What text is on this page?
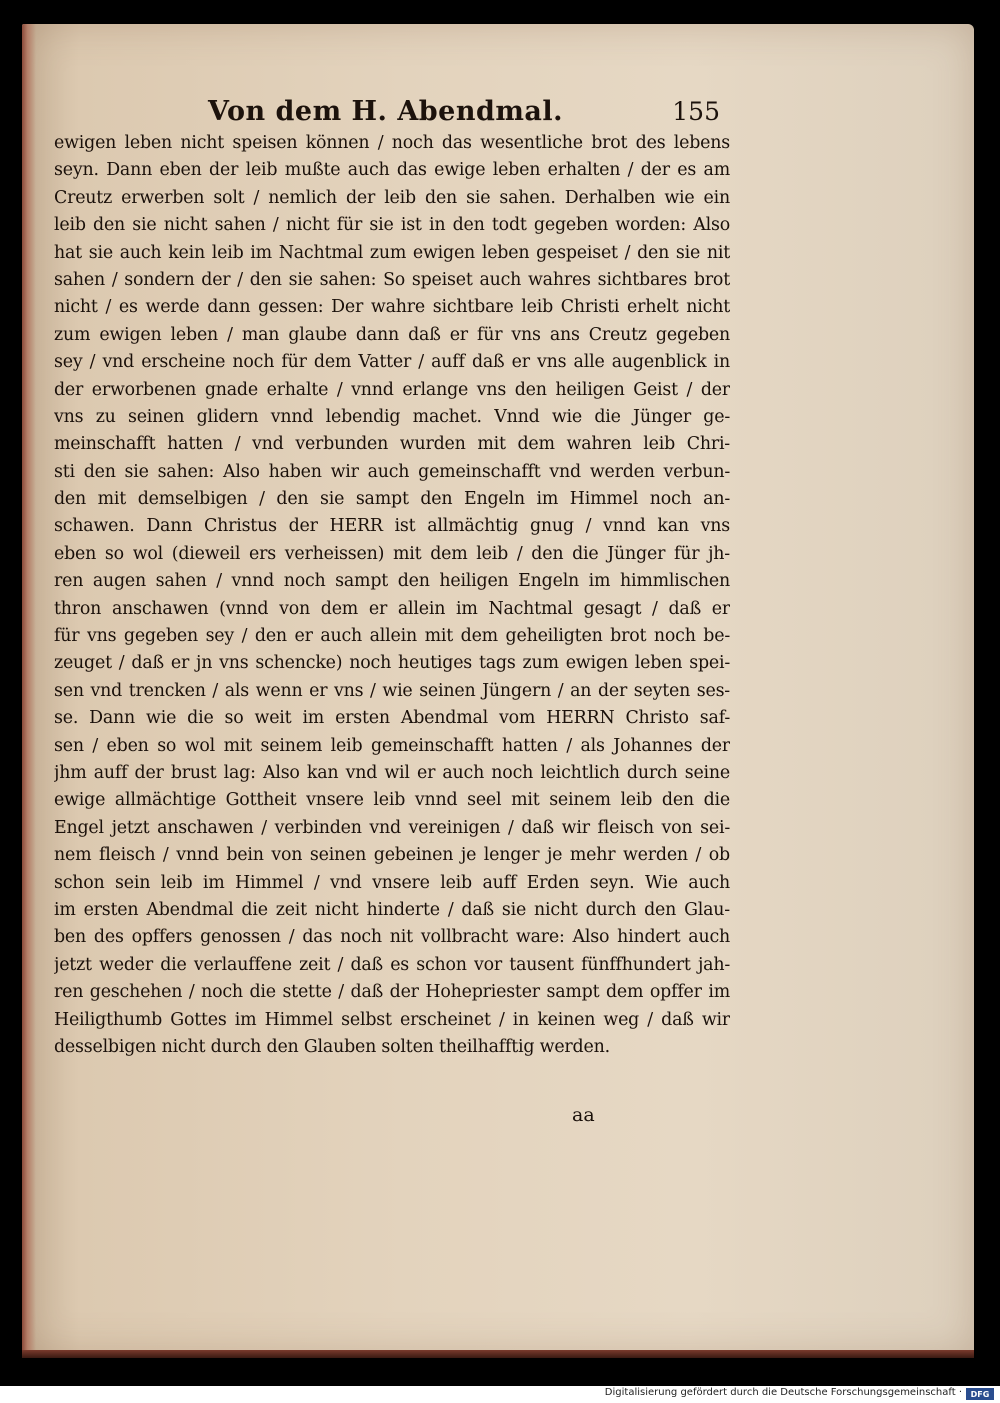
Von dem H. Abendmal.	155
ewigen leben nicht speisen können / noch das wesentliche brot des lebens
seyn. Dann eben der leib mußte auch das ewige leben erhalten / der es am
Creutz erwerben solt / nemlich der leib den sie sahen. Derhalben wie ein
leib den sie nicht sahen / nicht für sie ist in den todt gegeben worden: Also
hat sie auch kein leib im Nachtmal zum ewigen leben gespeiset / den sie nit
sahen / sondern der / den sie sahen: So speiset auch wahres sichtbares brot
nicht / es werde dann gessen: Der wahre sichtbare leib Christi erhelt nicht
zum ewigen leben / man glaube dann daß er für vns ans Creutz gegeben
sey / vnd erscheine noch für dem Vatter / auff daß er vns alle augenblick in
der erworbenen gnade erhalte / vnnd erlange vns den heiligen Geist / der
vns zu seinen glidern vnnd lebendig machet. Vnnd wie die Jünger ge-
meinschafft hatten / vnd verbunden wurden mit dem wahren leib Chri-
sti den sie sahen: Also haben wir auch gemeinschafft vnd werden verbun-
den mit demselbigen / den sie sampt den Engeln im Himmel noch an-
schawen. Dann Christus der HERR ist allmächtig gnug / vnnd kan vns
eben so wol (dieweil ers verheissen) mit dem leib / den die Jünger für jh-
ren augen sahen / vnnd noch sampt den heiligen Engeln im himmlischen
thron anschawen (vnnd von dem er allein im Nachtmal gesagt / daß er
für vns gegeben sey / den er auch allein mit dem geheiligten brot noch be-
zeuget / daß er jn vns schencke) noch heutiges tags zum ewigen leben spei-
sen vnd trencken / als wenn er vns / wie seinen Jüngern / an der seyten ses-
se. Dann wie die so weit im ersten Abendmal vom HERRN Christo saf-
sen / eben so wol mit seinem leib gemeinschafft hatten / als Johannes der
jhm auff der brust lag: Also kan vnd wil er auch noch leichtlich durch seine
ewige allmächtige Gottheit vnsere leib vnnd seel mit seinem leib den die
Engel jetzt anschawen / verbinden vnd vereinigen / daß wir fleisch von sei-
nem fleisch / vnnd bein von seinen gebeinen je lenger je mehr werden / ob
schon sein leib im Himmel / vnd vnsere leib auff Erden seyn. Wie auch
im ersten Abendmal die zeit nicht hinderte / daß sie nicht durch den Glau-
ben des opffers genossen / das noch nit vollbracht ware: Also hindert auch
jetzt weder die verlauffene zeit / daß es schon vor tausent fünffhundert jah-
ren geschehen / noch die stette / daß der Hohepriester sampt dem opffer im
Heiligthumb Gottes im Himmel selbst erscheinet / in keinen weg / daß wir
desselbigen nicht durch den Glauben solten theilhafftig werden.
aa
Digitalisierung gefördert durch die Deutsche Forschungsgemeinschaft ·	DFG
